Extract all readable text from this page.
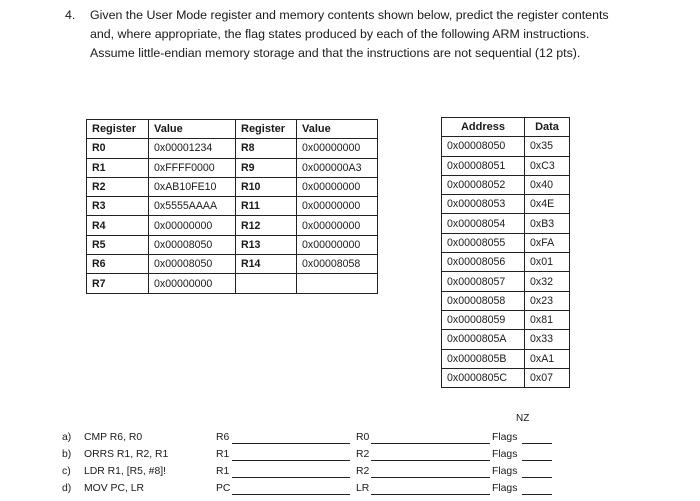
4. Given the User Mode register and memory contents shown below, predict the register contents
and, where appropriate, the flag states produced by each of the following ARM instructions.
Assume little-endian memory storage and that the instructions are not sequential (12 pts).
Register	Value	Register	Value
R0	0x00001234	R8	0x00000000
R1	0xFFFF0000	R9	0x000000A3
R2	0xAB10FE10	R10	0x00000000
R3	0x5555AAAA	R11	0x00000000
R4	0x00000000	R12	0x00000000
R5	0x00008050	R13	0x00000000
R6	0x00008050	R14	0x00008058
R7	0x00000000		
Address	Data
0x00008050	0x35
0x00008051	0xC3
0x00008052	0x40
0x00008053	0x4E
0x00008054	0xB3
0x00008055	0xFA
0x00008056	0x01
0x00008057	0x32
0x00008058	0x23
0x00008059	0x81
0x0000805A	0x33
0x0000805B	0xA1
0x0000805C	0x07
NZ
a) CMP R6, R0	R6	R0	Flags
b) ORRS R1, R2, R1	R1	R2	Flags
c) LDR R1, [R5, #8]!	R1	R2	Flags
d) MOV PC, LR	PC	LR	Flags
